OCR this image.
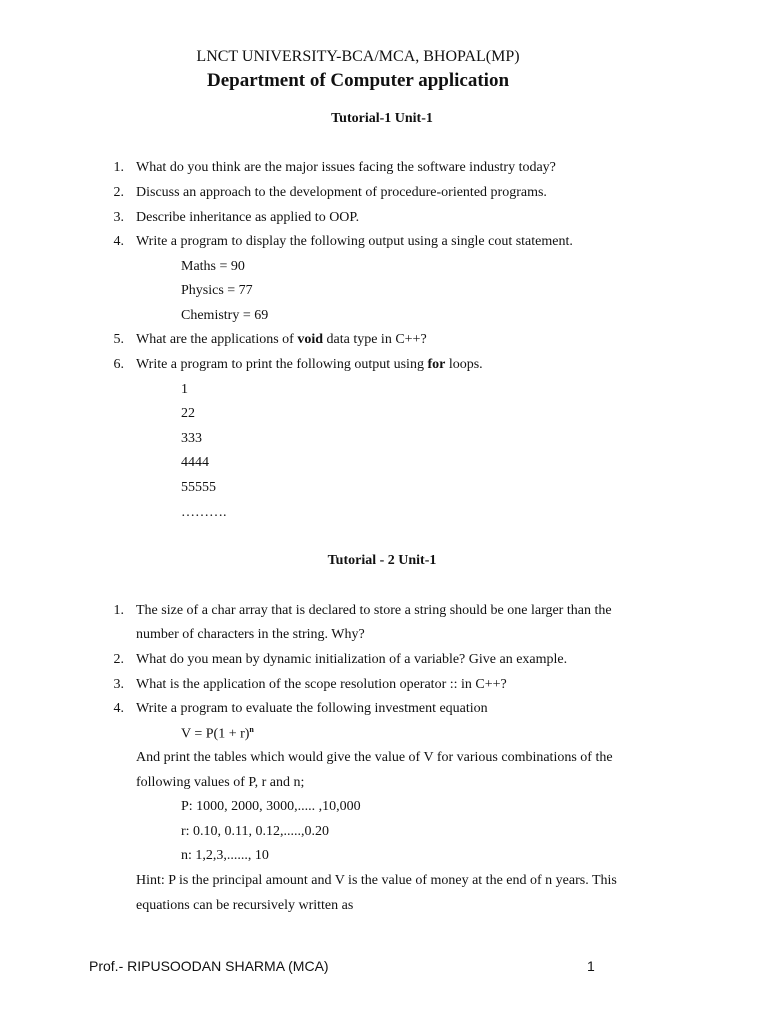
LNCT UNIVERSITY-BCA/MCA, BHOPAL(MP)
Department of Computer application
Tutorial-1 Unit-1
1. What do you think are the major issues facing the software industry today?
2. Discuss an approach to the development of procedure-oriented programs.
3. Describe inheritance as applied to OOP.
4. Write a program to display the following output using a single cout statement.
Maths = 90
Physics = 77
Chemistry = 69
5. What are the applications of void data type in C++?
6. Write a program to print the following output using for loops.
1
22
333
4444
55555
……….
Tutorial - 2 Unit-1
1. The size of a char array that is declared to store a string should be one larger than the
number of characters in the string. Why?
2. What do you mean by dynamic initialization of a variable? Give an example.
3. What is the application of the scope resolution operator :: in C++?
4. Write a program to evaluate the following investment equation
$V = P(1 + r)^n$
And print the tables which would give the value of V for various combinations of the
following values of P, r and n;
P: 1000, 2000, 3000,..... ,10,000
r: 0.10, 0.11, 0.12,.....,0.20
n: 1,2,3,......, 10
Hint: P is the principal amount and V is the value of money at the end of n years. This
equations can be recursively written as
Prof.- RIPUSOODAN SHARMA (MCA)	1
